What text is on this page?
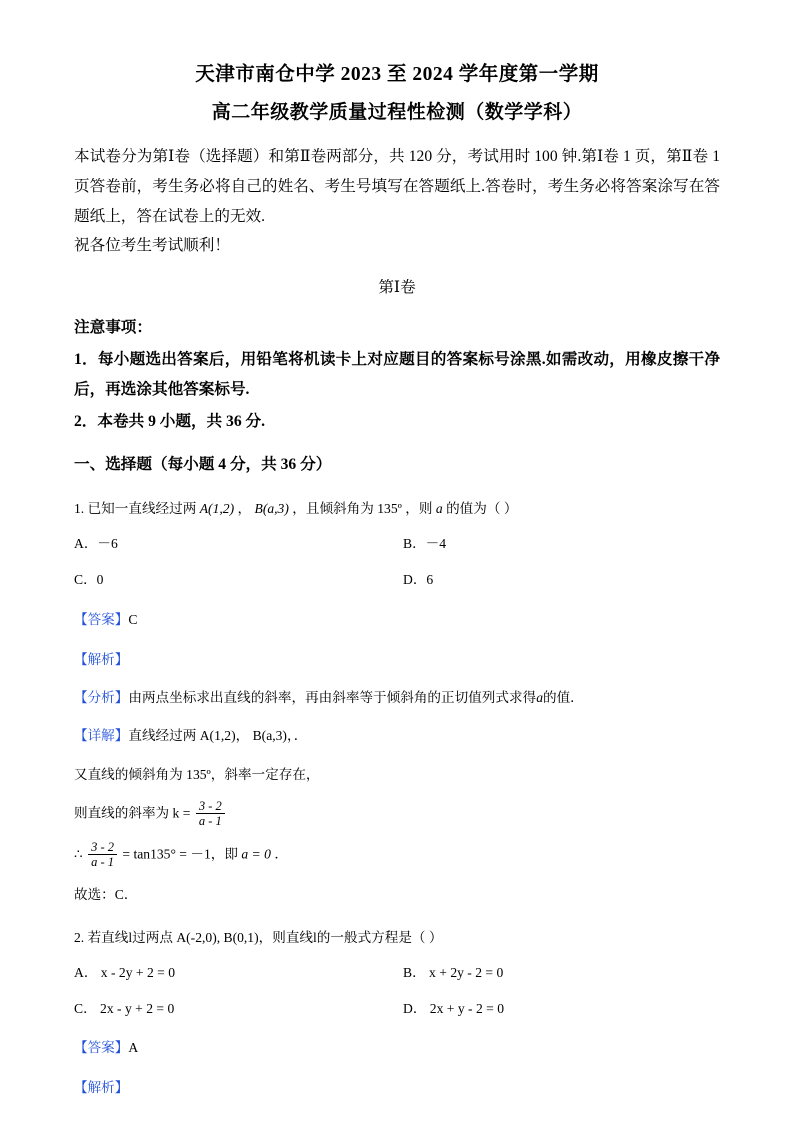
天津市南仓中学 2023 至 2024 学年度第一学期
高二年级教学质量过程性检测（数学学科）
本试卷分为第Ⅰ卷（选择题）和第Ⅱ卷两部分，共 120 分，考试用时 100 钟.第Ⅰ卷 1 页，第Ⅱ卷 1 页答卷前，考生务必将自己的姓名、考生号填写在答题纸上.答卷时，考生务必将答案涂写在答题纸上，答在试卷上的无效.
祝各位考生考试顺利！
第Ⅰ卷
注意事项：
1．每小题选出答案后，用铅笔将机读卡上对应题目的答案标号涂黑.如需改动，用橡皮擦干净后，再选涂其他答案标号.
2．本卷共 9 小题，共 36 分.
一、选择题（每小题 4 分，共 36 分）
1. 已知一直线经过两 A(1,2) ， B(a,3) ，且倾斜角为 135º ，则 a 的值为（ ）
A．－6	B．－4
C．0	D．6
【答案】C
【解析】
【分析】由两点坐标求出直线的斜率，再由斜率等于倾斜角的正切值列式求得a的值．
【详解】直线经过两 A(1,2)， B(a,3)，．
又直线的倾斜角为 135º，斜率一定存在，
则直线的斜率为 $k = \frac{3 - 2}{a - 1}$
∴ $\frac{3 - 2}{a - 1} = \tan 135^\circ = -1$，即 a = 0 ．
故选：C．
2. 若直线l过两点 A(-2,0), B(0,1)，则直线l的一般式方程是（ ）
A． x - 2y + 2 = 0	B． x + 2y - 2 = 0
C． 2x - y + 2 = 0	D． 2x + y - 2 = 0
【答案】A
【解析】
